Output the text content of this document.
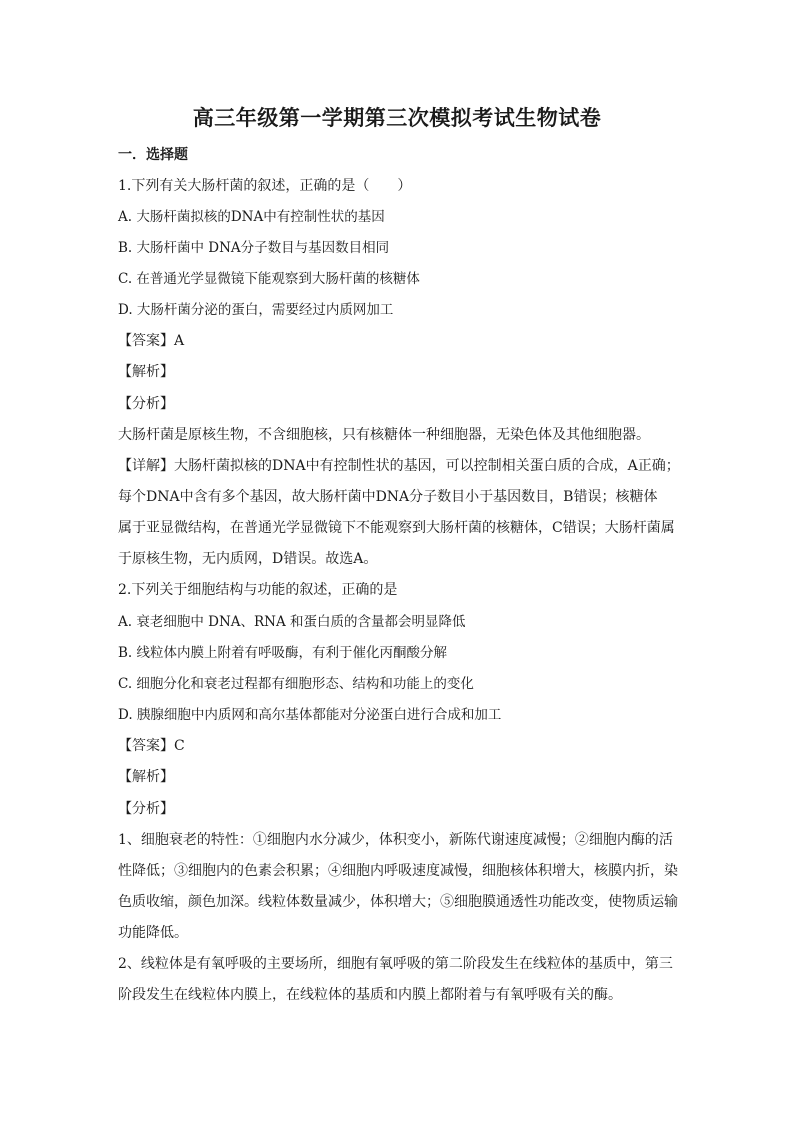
高三年级第一学期第三次模拟考试生物试卷
一．选择题
1.下列有关大肠杆菌的叙述，正确的是（　　）
A. 大肠杆菌拟核的DNA中有控制性状的基因
B. 大肠杆菌中 DNA分子数目与基因数目相同
C. 在普通光学显微镜下能观察到大肠杆菌的核糖体
D. 大肠杆菌分泌的蛋白，需要经过内质网加工
【答案】A
【解析】
【分析】
大肠杆菌是原核生物，不含细胞核，只有核糖体一种细胞器，无染色体及其他细胞器。
【详解】大肠杆菌拟核的DNA中有控制性状的基因，可以控制相关蛋白质的合成，A正确；
每个DNA中含有多个基因，故大肠杆菌中DNA分子数目小于基因数目，B错误；核糖体
属于亚显微结构，在普通光学显微镜下不能观察到大肠杆菌的核糖体，C错误；大肠杆菌属
于原核生物，无内质网，D错误。故选A。
2.下列关于细胞结构与功能的叙述，正确的是
A. 衰老细胞中 DNA、RNA 和蛋白质的含量都会明显降低
B. 线粒体内膜上附着有呼吸酶，有利于催化丙酮酸分解
C. 细胞分化和衰老过程都有细胞形态、结构和功能上的变化
D. 胰腺细胞中内质网和高尔基体都能对分泌蛋白进行合成和加工
【答案】C
【解析】
【分析】
1、细胞衰老的特性：①细胞内水分减少，体积变小，新陈代谢速度减慢；②细胞内酶的活
性降低；③细胞内的色素会积累；④细胞内呼吸速度减慢，细胞核体积增大，核膜内折，染
色质收缩，颜色加深。线粒体数量减少，体积增大；⑤细胞膜通透性功能改变，使物质运输
功能降低。
2、线粒体是有氧呼吸的主要场所，细胞有氧呼吸的第二阶段发生在线粒体的基质中，第三
阶段发生在线粒体内膜上，在线粒体的基质和内膜上都附着与有氧呼吸有关的酶。
